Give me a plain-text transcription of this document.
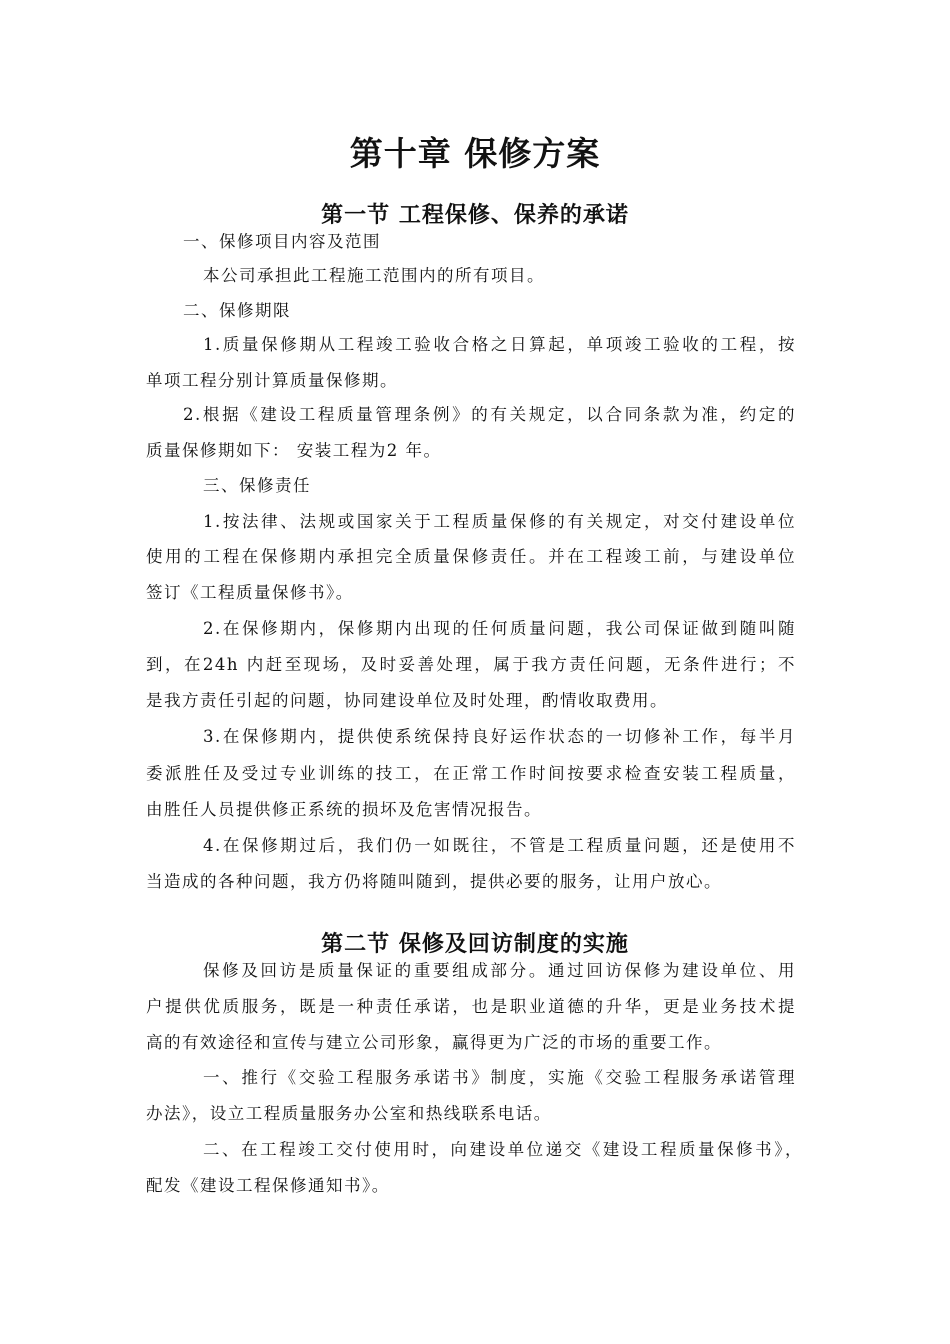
第十章 保修方案
第一节 工程保修、保养的承诺

一、保修项目内容及范围

本公司承担此工程施工范围内的所有项目。

二、保修期限

1.质量保修期从工程竣工验收合格之日算起，单项竣工验收的工程，按

单项工程分别计算质量保修期。

2.根据《建设工程质量管理条例》的有关规定，以合同条款为准，约定的

质量保修期如下： 安装工程为2 年。

三、保修责任

1.按法律、法规或国家关于工程质量保修的有关规定，对交付建设单位

使用的工程在保修期内承担完全质量保修责任。并在工程竣工前，与建设单位

签订《工程质量保修书》。

2.在保修期内，保修期内出现的任何质量问题，我公司保证做到随叫随

到，在24h 内赶至现场，及时妥善处理，属于我方责任问题，无条件进行；不

是我方责任引起的问题，协同建设单位及时处理，酌情收取费用。

3.在保修期内，提供使系统保持良好运作状态的一切修补工作，每半月

委派胜任及受过专业训练的技工，在正常工作时间按要求检查安装工程质量，

由胜任人员提供修正系统的损坏及危害情况报告。

4.在保修期过后，我们仍一如既往，不管是工程质量问题，还是使用不

当造成的各种问题，我方仍将随叫随到，提供必要的服务，让用户放心。

第二节 保修及回访制度的实施

保修及回访是质量保证的重要组成部分。通过回访保修为建设单位、用

户提供优质服务，既是一种责任承诺，也是职业道德的升华，更是业务技术提

高的有效途径和宣传与建立公司形象，赢得更为广泛的市场的重要工作。

一、推行《交验工程服务承诺书》制度，实施《交验工程服务承诺管理

办法》，设立工程质量服务办公室和热线联系电话。

二、在工程竣工交付使用时，向建设单位递交《建设工程质量保修书》，

配发《建设工程保修通知书》。
